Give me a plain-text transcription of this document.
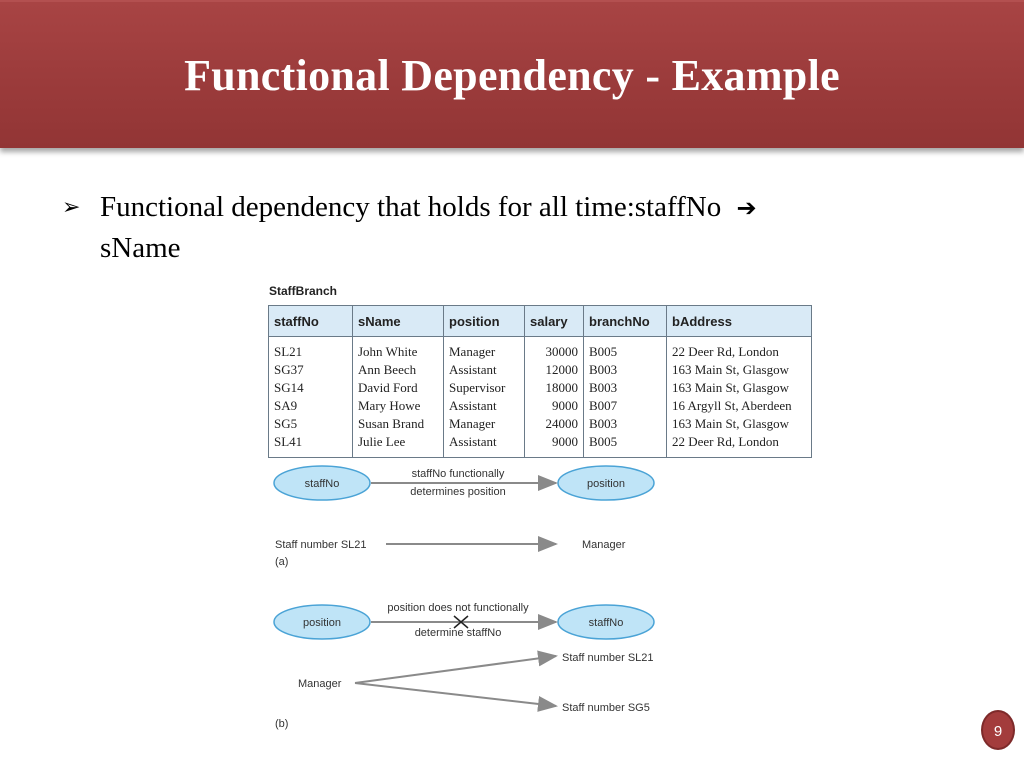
Functional Dependency - Example
➢ Functional dependency that holds for all time:staffNo ➔
sName
StaffBranch
staffNo	sName	position	salary	branchNo	bAddress
SL21	John White	Manager	30000	B005	22 Deer Rd, London
SG37	Ann Beech	Assistant	12000	B003	163 Main St, Glasgow
SG14	David Ford	Supervisor	18000	B003	163 Main St, Glasgow
SA9	Mary Howe	Assistant	9000	B007	16 Argyll St, Aberdeen
SG5	Susan Brand	Manager	24000	B003	163 Main St, Glasgow
SL41	Julie Lee	Assistant	9000	B005	22 Deer Rd, London
staffNo	position
staffNo functionally
determines position
Staff number SL21	Manager
(a)
position	staffNo
position does not functionally
determine staffNo
Manager
Staff number SL21
Staff number SG5
(b)	9
